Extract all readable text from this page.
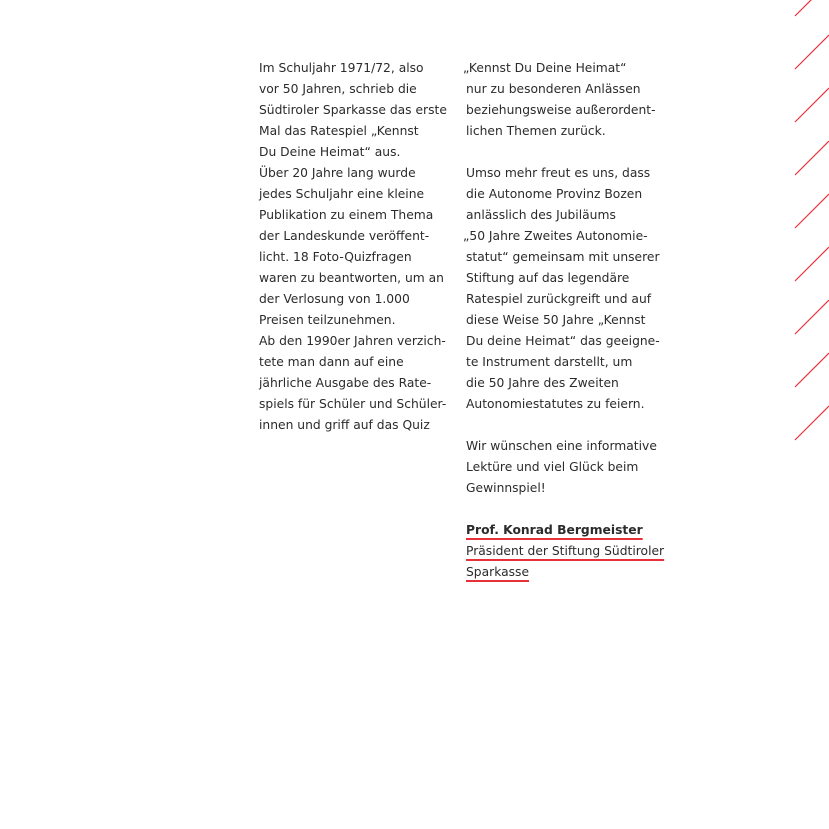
Im Schuljahr 1971/72, also
vor 50 Jahren, schrieb die
Südtiroler Sparkasse das erste
Mal das Ratespiel „Kennst
Du Deine Heimat“ aus.
Über 20 Jahre lang wurde
jedes Schuljahr eine kleine
Publikation zu einem Thema
der Landeskunde veröffent-
licht. 18 Foto-Quizfragen
waren zu beantworten, um an
der Verlosung von 1.000
Preisen teilzunehmen.
Ab den 1990er Jahren verzich-
tete man dann auf eine
jährliche Ausgabe des Rate-
spiels für Schüler und Schüler-
innen und griff auf das Quiz
„Kennst Du Deine Heimat“
nur zu besonderen Anlässen
beziehungsweise außerordent-
lichen Themen zurück.
Umso mehr freut es uns, dass
die Autonome Provinz Bozen
anlässlich des Jubiläums
„50 Jahre Zweites Autonomie-
statut“ gemeinsam mit unserer
Stiftung auf das legendäre
Ratespiel zurückgreift und auf
diese Weise 50 Jahre „Kennst
Du deine Heimat“ das geeigne-
te Instrument darstellt, um
die 50 Jahre des Zweiten
Autonomiestatutes zu feiern.
Wir wünschen eine informative
Lektüre und viel Glück beim
Gewinnspiel!
Prof. Konrad Bergmeister
Präsident der Stiftung Südtiroler
Sparkasse
